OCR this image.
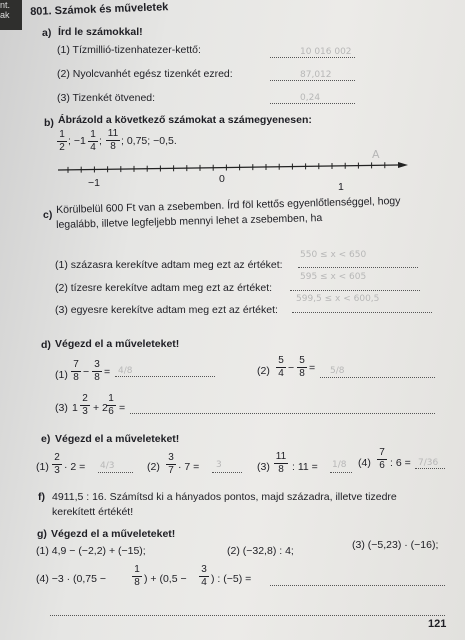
nt.
ak 801. Számok és műveletek
a) Írd le számokkal!
(1) Tízmillió-tizenhatezer-kettő:	10 016 002
(2) Nyolcvanhét egész tizenkét ezred:	87,012
(3) Tizenkét ötvened:	0,24
b) Ábrázold a következő számokat a számegyenesen:
1
2
; −1
1
4
;
11
8 ; 0,75; −0,5.
A
−1	0
1
c) Körülbelül 600 Ft van a zsebemben. Írd föl kettős egyenlőtlenséggel, hogy
legalább, illetve legfeljebb mennyi lehet a zsebemben, ha
(1) százasra kerekítve adtam meg ezt az értéket:
550 ≤ x < 650
(2) tízesre kerekítve adtam meg ezt az értéket:
595 ≤ x < 605
(3) egyesre kerekítve adtam meg ezt az értéket:
599,5 ≤ x < 600,5
d) Végezd el a műveleteket!
(1)
7
8 −
3
8 = 4/8	(2)
5
4 −
5
8 = 5/8
(3) 1
2
3 + 2
1
6 =
e) Végezd el a műveleteket!
(1)
2
3 · 2 = 4/3	(2)
3
7 · 7 = 3	(3)
11
8 : 11 = 1/8 (4)
7
6 : 6 = 7/36
f) 4911,5 : 16. Számítsd ki a hányados pontos, majd századra, illetve tizedre
kerekített értékét!
g) Végezd el a műveleteket!
(1) 4,9 − (−2,2) + (−15);	(2) (−32,8) : 4;	(3) (−5,23) · (−16);
(4) −3 · (0,75 −
1
8 ) + (0,5 −
3
4 ) : (−5) =
121
